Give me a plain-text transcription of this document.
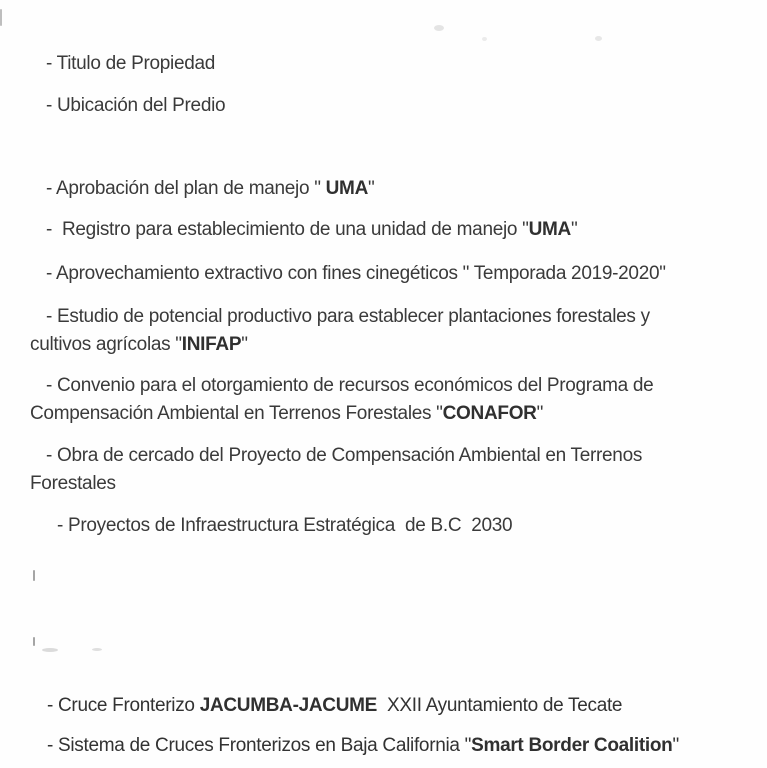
- Titulo de Propiedad

- Ubicación del Predio

- Aprobación del plan de manejo " UMA"

-  Registro para establecimiento de una unidad de manejo "UMA"

- Aprovechamiento extractivo con fines cinegéticos " Temporada 2019-2020"

- Estudio de potencial productivo para establecer plantaciones forestales y
cultivos agrícolas "INIFAP"

- Convenio para el otorgamiento de recursos económicos del Programa de
Compensación Ambiental en Terrenos Forestales "CONAFOR"

- Obra de cercado del Proyecto de Compensación Ambiental en Terrenos
Forestales

- Proyectos de Infraestructura Estratégica  de B.C  2030

- Cruce Fronterizo JACUMBA-JACUME  XXII Ayuntamiento de Tecate

- Sistema de Cruces Fronterizos en Baja California "Smart Border Coalition"
